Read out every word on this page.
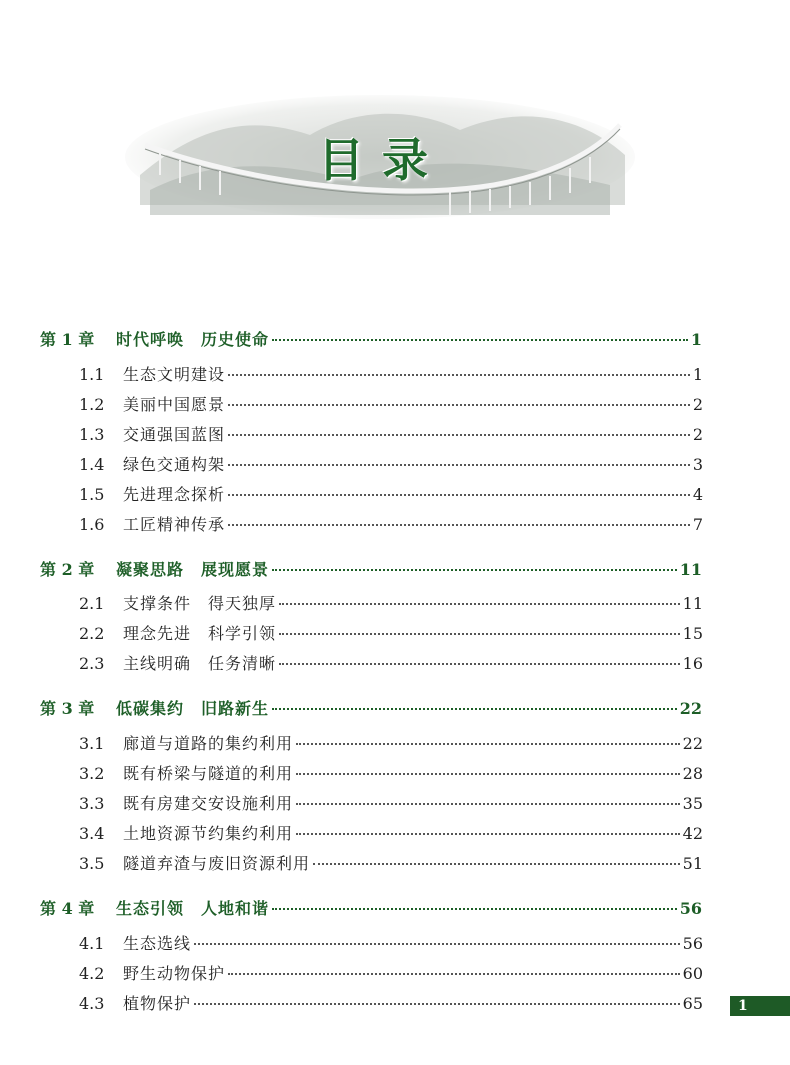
目录
第 1 章	时代呼唤　历史使命	1
1.1	生态文明建设	1
1.2	美丽中国愿景	2
1.3	交通强国蓝图	2
1.4	绿色交通构架	3
1.5	先进理念探析	4
1.6	工匠精神传承	7
第 2 章	凝聚思路　展现愿景	11
2.1	支撑条件　得天独厚	11
2.2	理念先进　科学引领	15
2.3	主线明确　任务清晰	16
第 3 章	低碳集约　旧路新生	22
3.1	廊道与道路的集约利用	22
3.2	既有桥梁与隧道的利用	28
3.3	既有房建交安设施利用	35
3.4	土地资源节约集约利用	42
3.5	隧道弃渣与废旧资源利用	51
第 4 章	生态引领　人地和谐	56
4.1	生态选线	56
4.2	野生动物保护	60
4.3	植物保护	65	1
